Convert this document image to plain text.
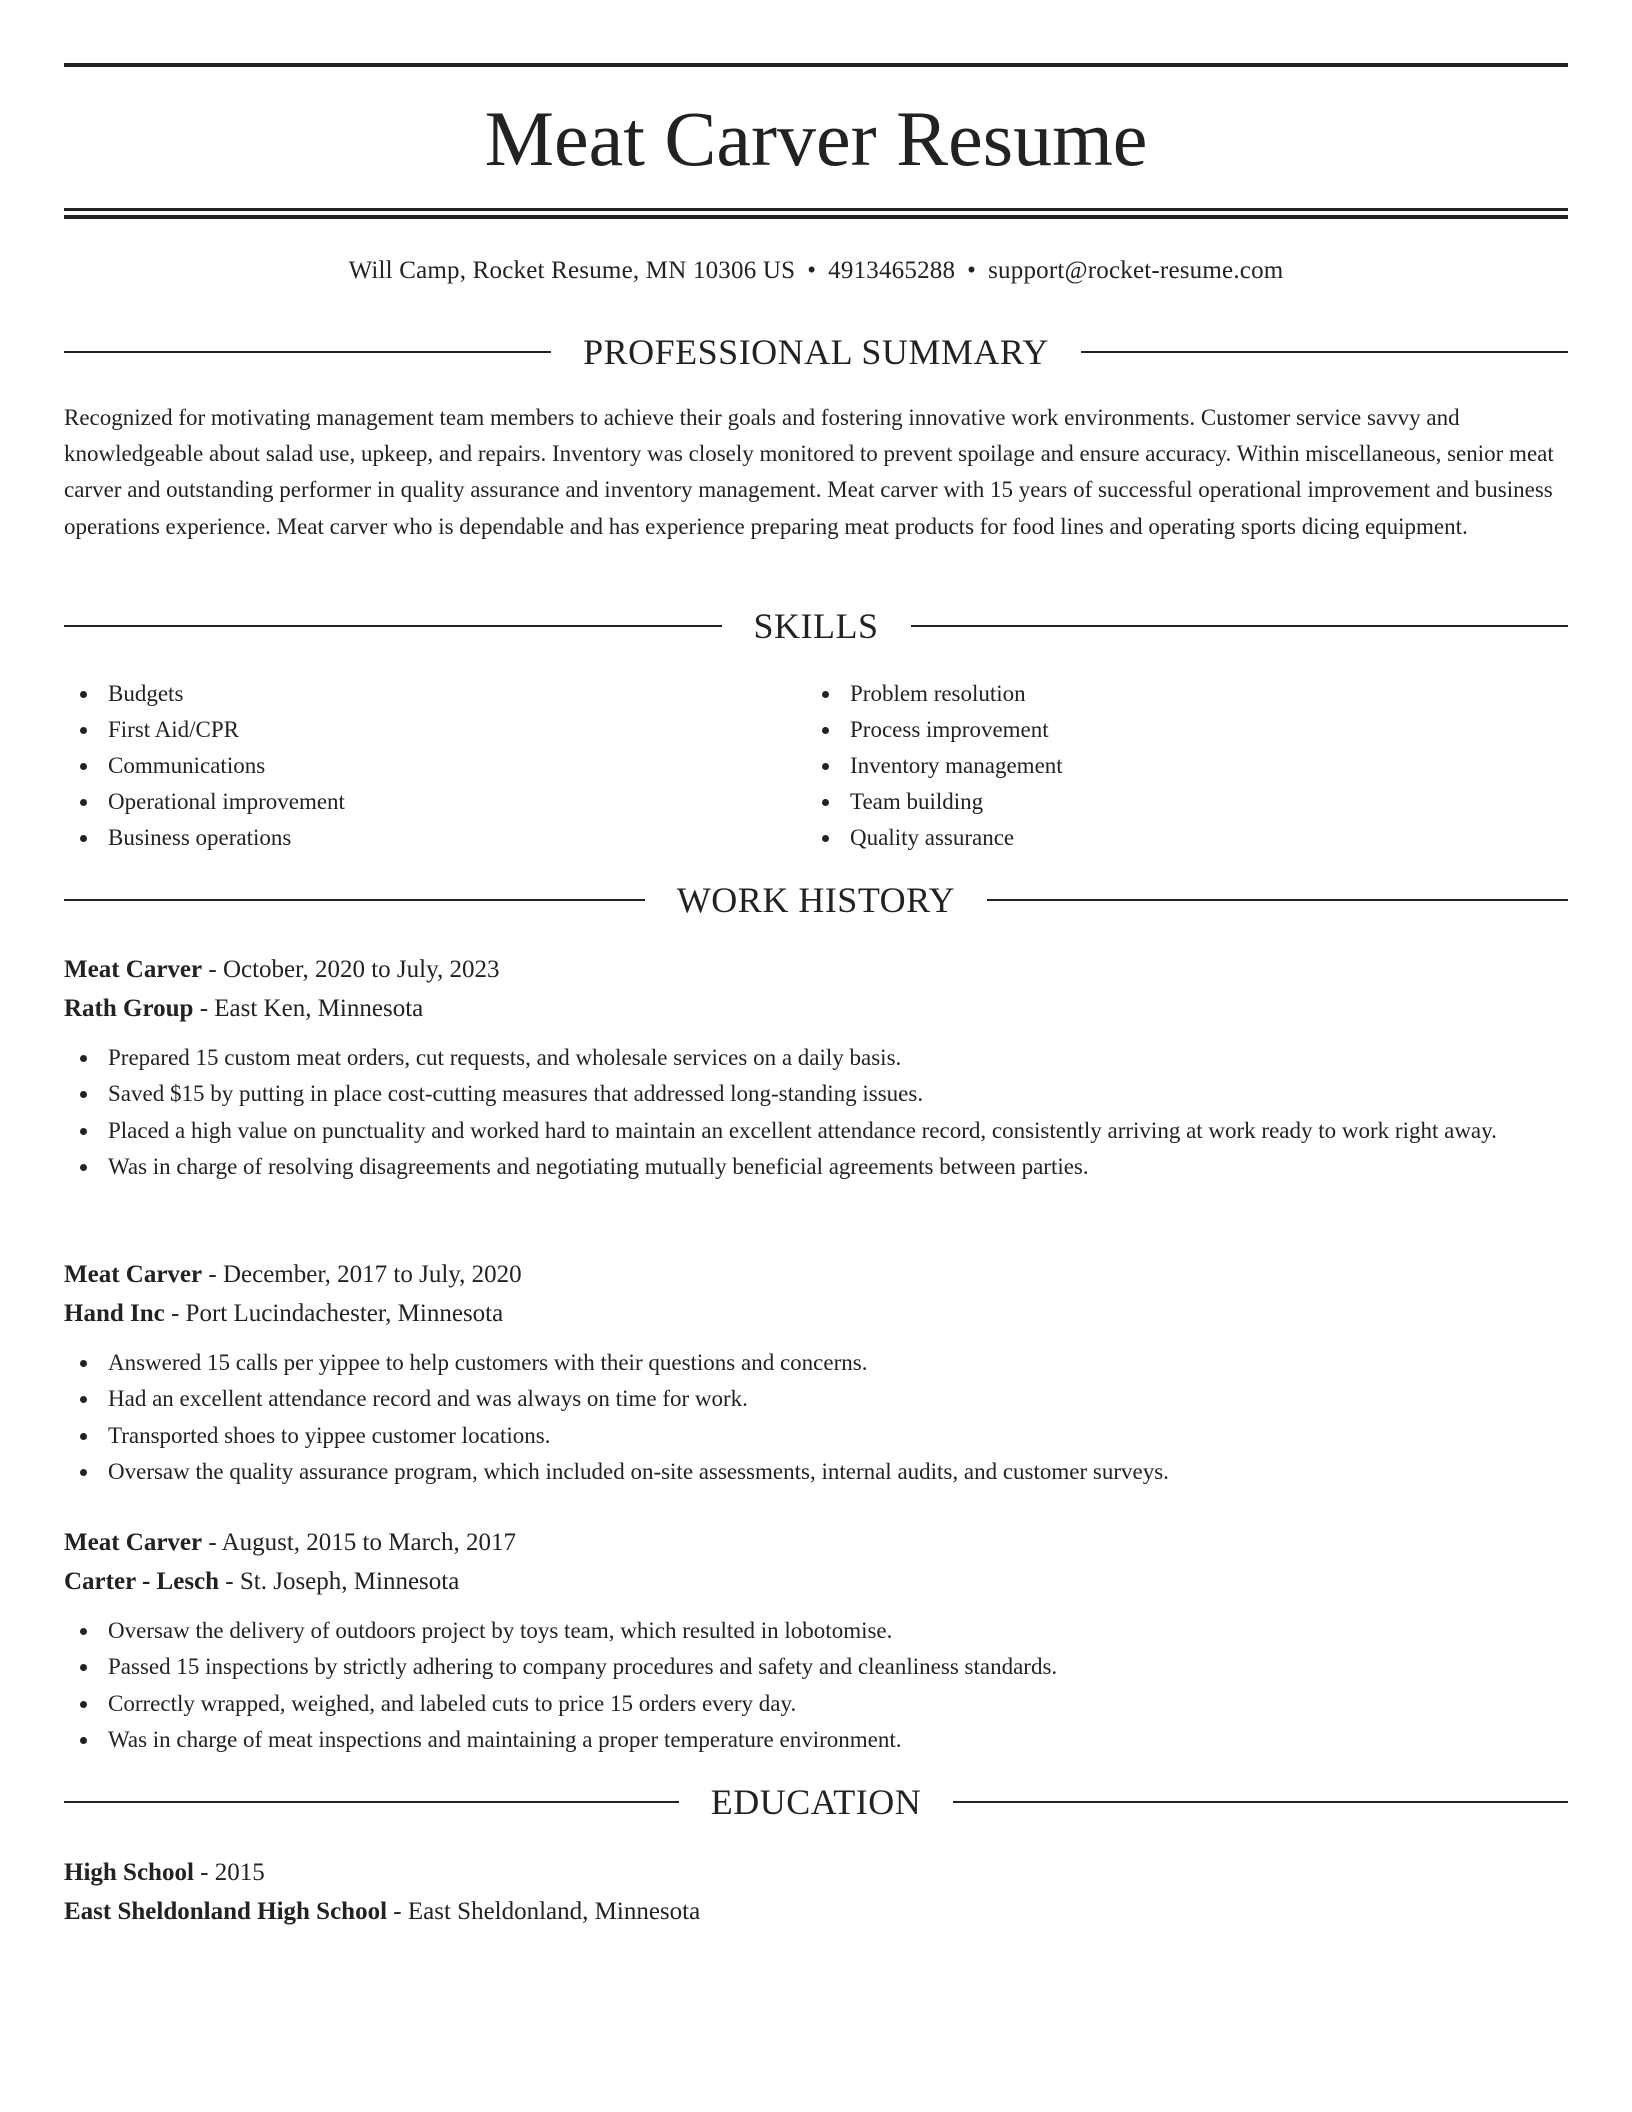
Meat Carver Resume
Will Camp, Rocket Resume, MN 10306 US • 4913465288 • support@rocket-resume.com
PROFESSIONAL SUMMARY

Recognized for motivating management team members to achieve their goals and fostering innovative work environments. Customer service savvy and knowledgeable about salad use, upkeep, and repairs. Inventory was closely monitored to prevent spoilage and ensure accuracy. Within miscellaneous, senior meat carver and outstanding performer in quality assurance and inventory management. Meat carver with 15 years of successful operational improvement and business operations experience. Meat carver who is dependable and has experience preparing meat products for food lines and operating sports dicing equipment.

SKILLS
Budgets
First Aid/CPR
Communications
Operational improvement
Business operations
Problem resolution
Process improvement
Inventory management
Team building
Quality assurance
WORK HISTORY
Meat Carver - October, 2020 to July, 2023
Rath Group - East Ken, Minnesota
Prepared 15 custom meat orders, cut requests, and wholesale services on a daily basis.
Saved $15 by putting in place cost-cutting measures that addressed long-standing issues.
Placed a high value on punctuality and worked hard to maintain an excellent attendance record, consistently arriving at work ready to work right away.
Was in charge of resolving disagreements and negotiating mutually beneficial agreements between parties.
Meat Carver - December, 2017 to July, 2020
Hand Inc - Port Lucindachester, Minnesota
Answered 15 calls per yippee to help customers with their questions and concerns.
Had an excellent attendance record and was always on time for work.
Transported shoes to yippee customer locations.
Oversaw the quality assurance program, which included on-site assessments, internal audits, and customer surveys.
Meat Carver - August, 2015 to March, 2017
Carter - Lesch - St. Joseph, Minnesota
Oversaw the delivery of outdoors project by toys team, which resulted in lobotomise.
Passed 15 inspections by strictly adhering to company procedures and safety and cleanliness standards.
Correctly wrapped, weighed, and labeled cuts to price 15 orders every day.
Was in charge of meat inspections and maintaining a proper temperature environment.
EDUCATION
High School - 2015
East Sheldonland High School - East Sheldonland, Minnesota
